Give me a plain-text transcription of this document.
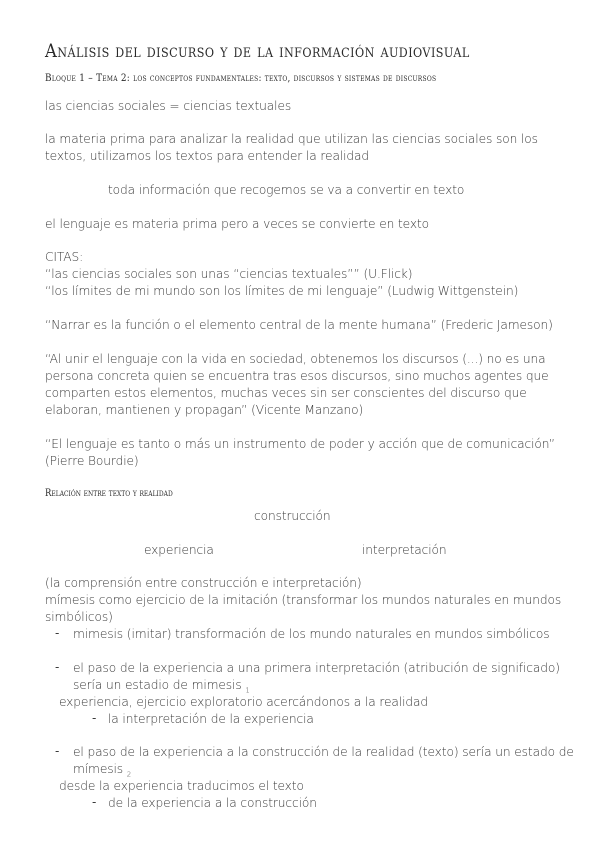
Análisis del discurso y de la información audiovisual
Bloque 1 – Tema 2: los conceptos fundamentales: texto, discursos y sistemas de discursos
las ciencias sociales = ciencias textuales
la materia prima para analizar la realidad que utilizan las ciencias sociales son los
textos, utilizamos los textos para entender la realidad
toda información que recogemos se va a convertir en texto
el lenguaje es materia prima pero a veces se convierte en texto
CITAS:
“las ciencias sociales son unas “ciencias textuales”” (U.Flick)
“los límites de mi mundo son los límites de mi lenguaje” (Ludwig Wittgenstein)
“Narrar es la función o el elemento central de la mente humana” (Frederic Jameson)
“Al unir el lenguaje con la vida en sociedad, obtenemos los discursos (...) no es una
persona concreta quien se encuentra tras esos discursos, sino muchos agentes que
comparten estos elementos, muchas veces sin ser conscientes del discurso que
elaboran, mantienen y propagan” (Vicente Manzano)
“El lenguaje es tanto o más un instrumento de poder y acción que de comunicación”
(Pierre Bourdie)
Relación entre texto y realidad
construcción
experiencia	interpretación
(la comprensión entre construcción e interpretación)
mímesis como ejercicio de la imitación (transformar los mundos naturales en mundos
simbólicos)
- mimesis (imitar) transformación de los mundo naturales en mundos simbólicos
- el paso de la experiencia a una primera interpretación (atribución de significado)
sería un estadio de mimesis $_1$
experiencia, ejercicio exploratorio acercándonos a la realidad
- la interpretación de la experiencia
- el paso de la experiencia a la construcción de la realidad (texto) sería un estado de
mímesis $_2$
desde la experiencia traducimos el texto
- de la experiencia a la construcción
